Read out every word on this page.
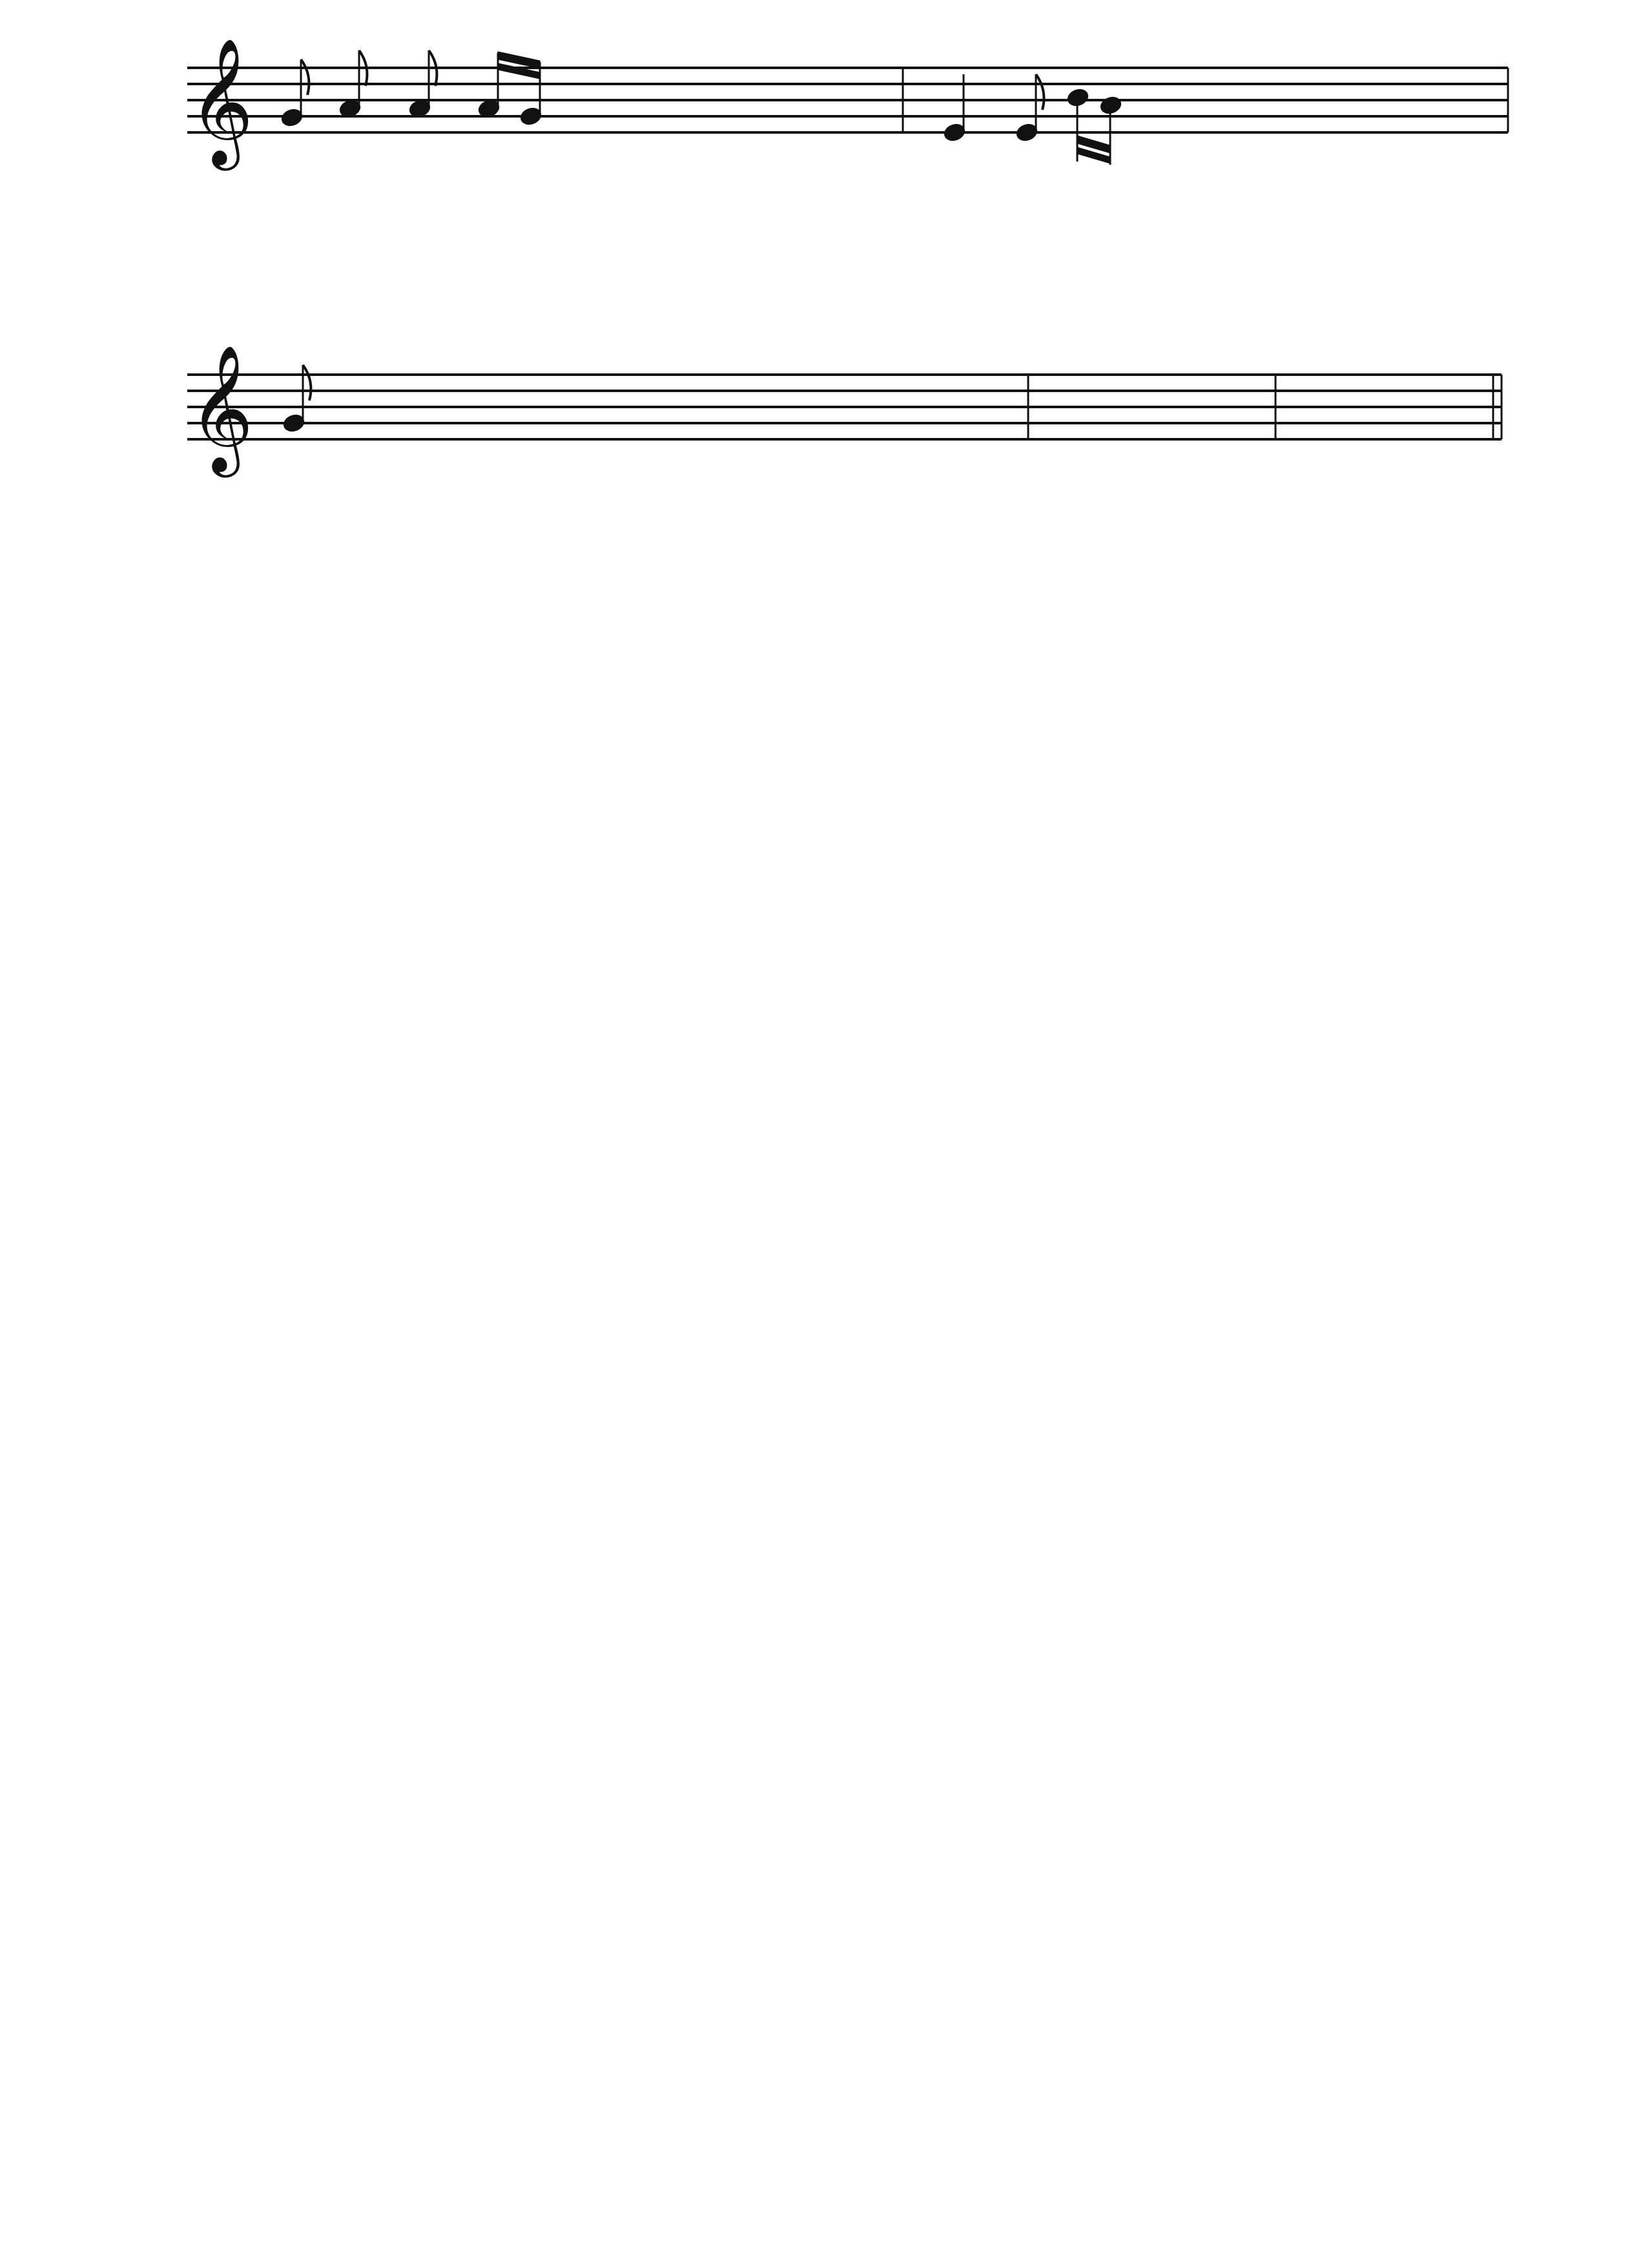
𝄞
𝄞
